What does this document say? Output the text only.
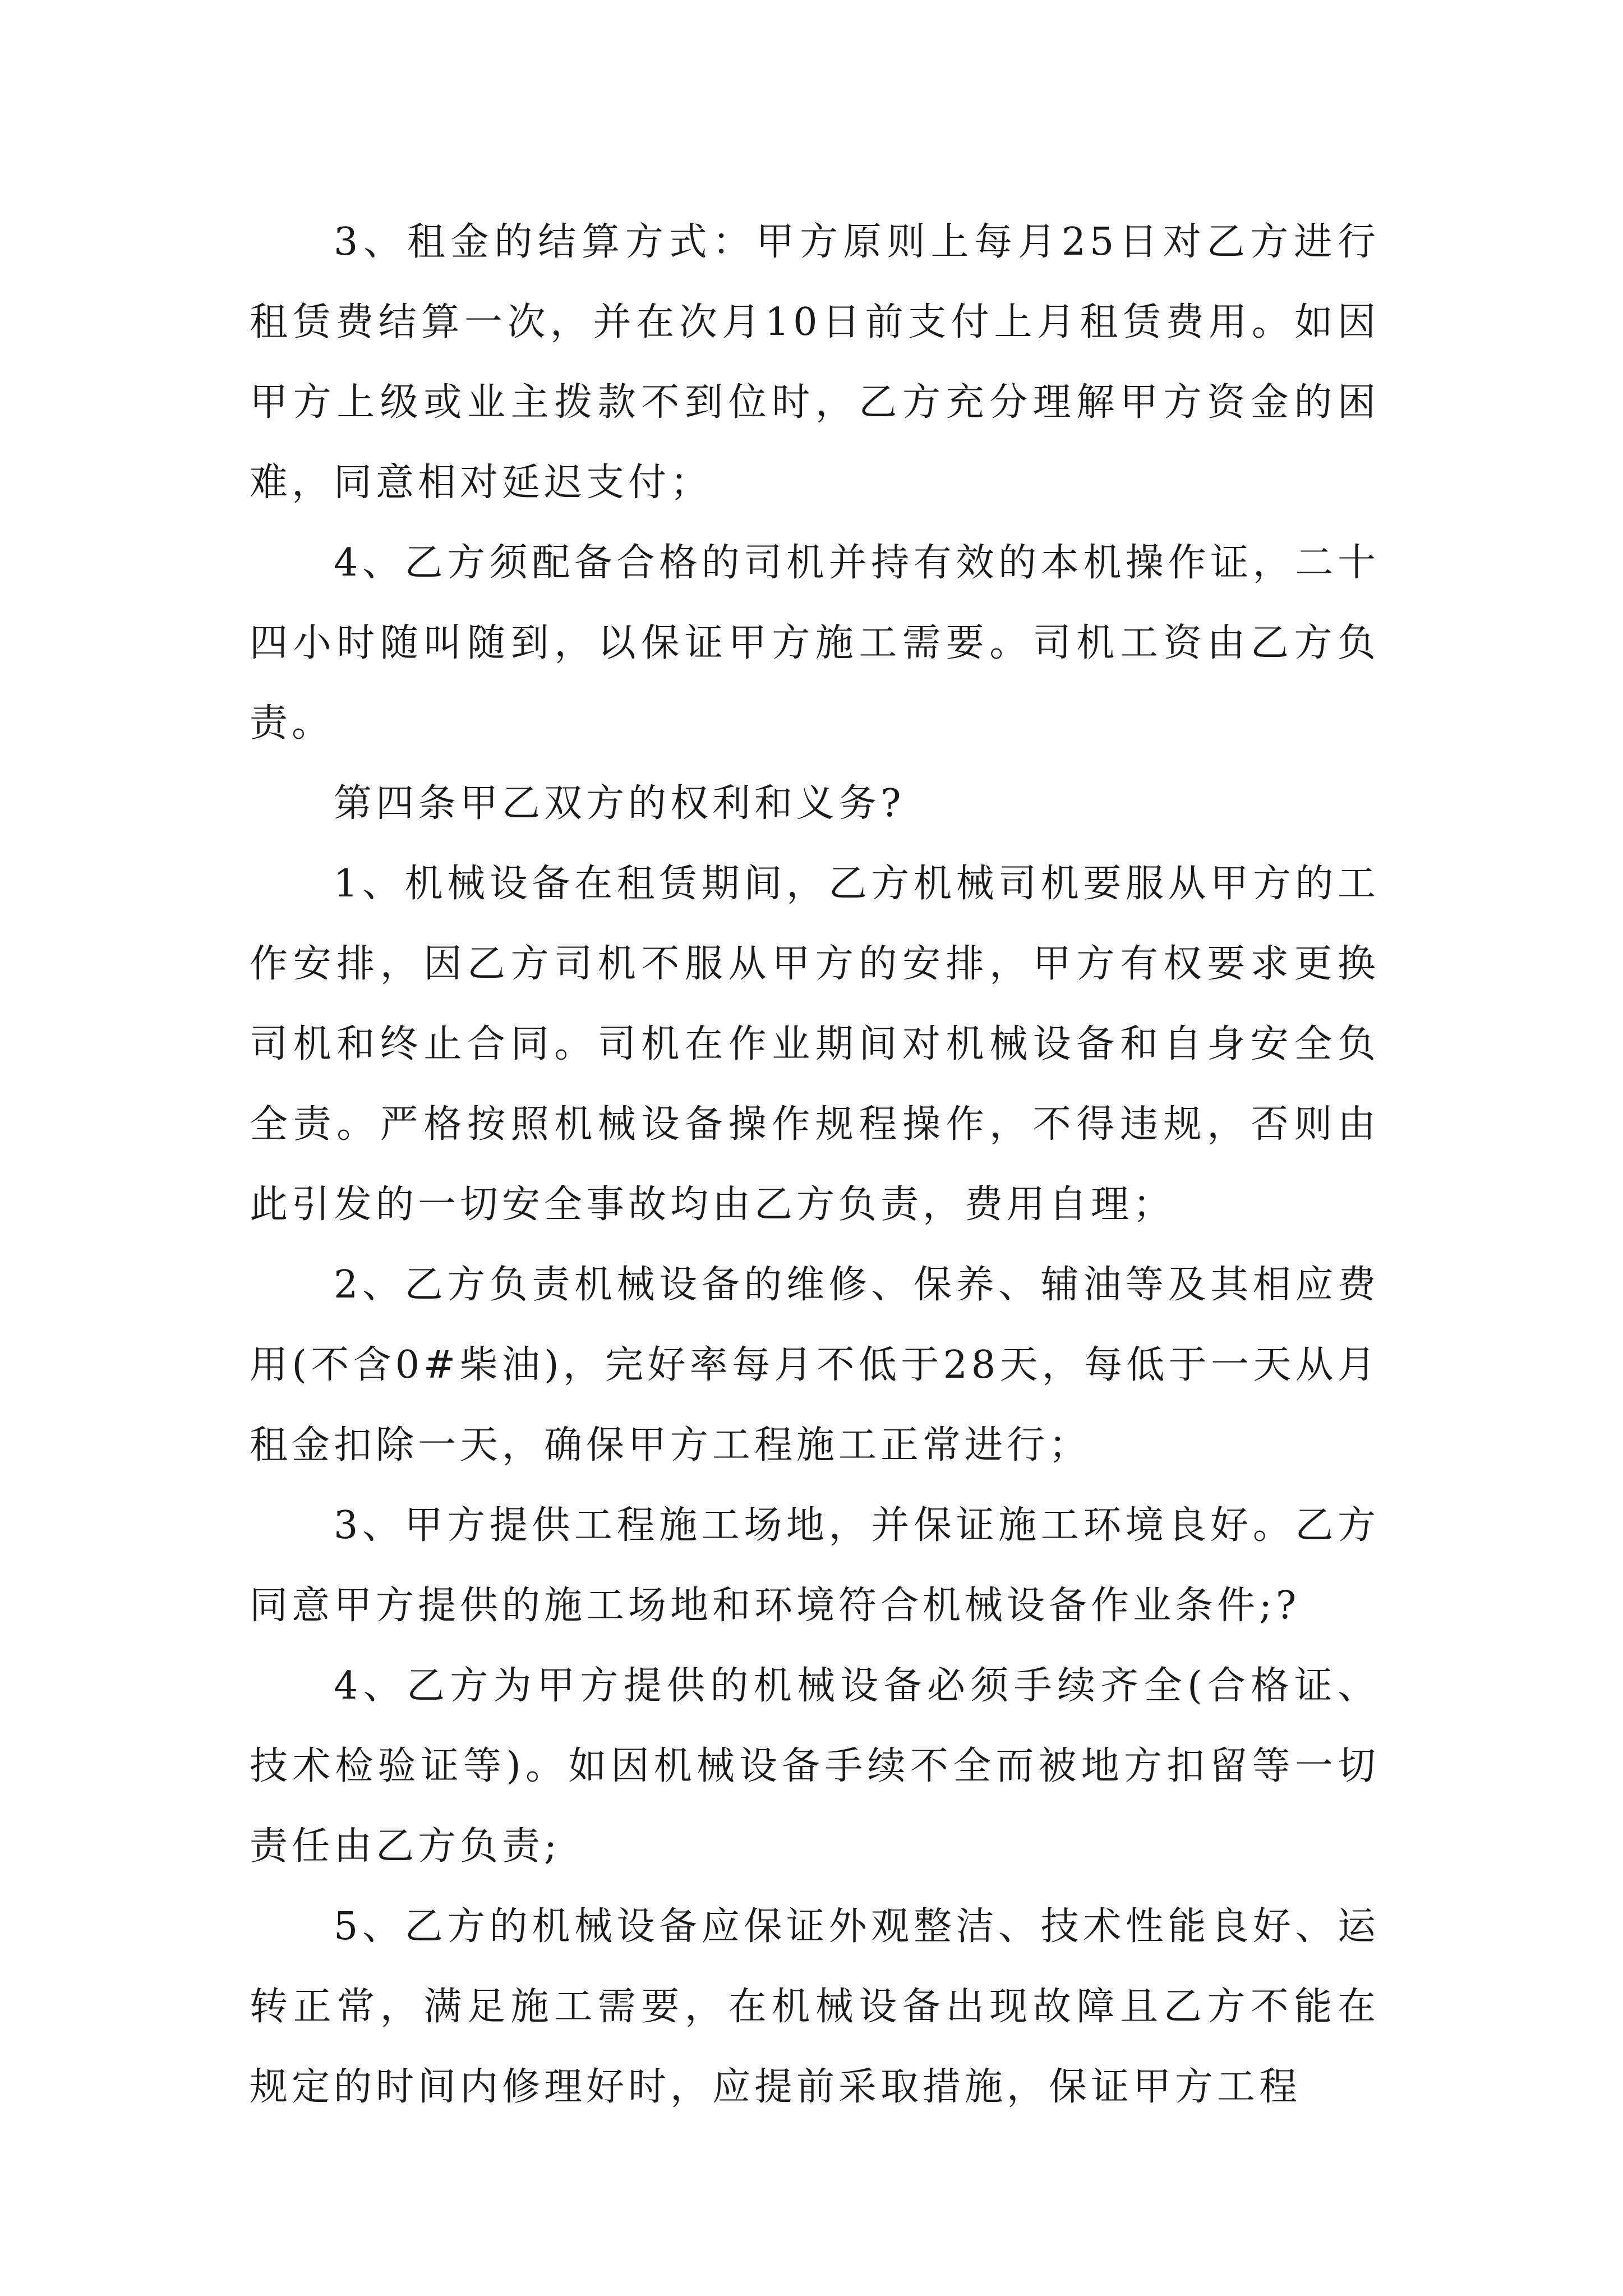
3、租金的结算方式：甲方原则上每月25日对乙方进行租赁费结算一次，并在次月10日前支付上月租赁费用。如因甲方上级或业主拨款不到位时，乙方充分理解甲方资金的困难，同意相对延迟支付；

4、乙方须配备合格的司机并持有效的本机操作证，二十四小时随叫随到，以保证甲方施工需要。司机工资由乙方负责。

第四条甲乙双方的权利和义务?

1、机械设备在租赁期间，乙方机械司机要服从甲方的工作安排，因乙方司机不服从甲方的安排，甲方有权要求更换司机和终止合同。司机在作业期间对机械设备和自身安全负全责。严格按照机械设备操作规程操作，不得违规，否则由此引发的一切安全事故均由乙方负责，费用自理；

2、乙方负责机械设备的维修、保养、辅油等及其相应费用(不含0#柴油)，完好率每月不低于28天，每低于一天从月租金扣除一天，确保甲方工程施工正常进行；

3、甲方提供工程施工场地，并保证施工环境良好。乙方同意甲方提供的施工场地和环境符合机械设备作业条件;?

4、乙方为甲方提供的机械设备必须手续齐全(合格证、技术检验证等)。如因机械设备手续不全而被地方扣留等一切责任由乙方负责;

5、乙方的机械设备应保证外观整洁、技术性能良好、运转正常，满足施工需要，在机械设备出现故障且乙方不能在规定的时间内修理好时，应提前采取措施，保证甲方工程
